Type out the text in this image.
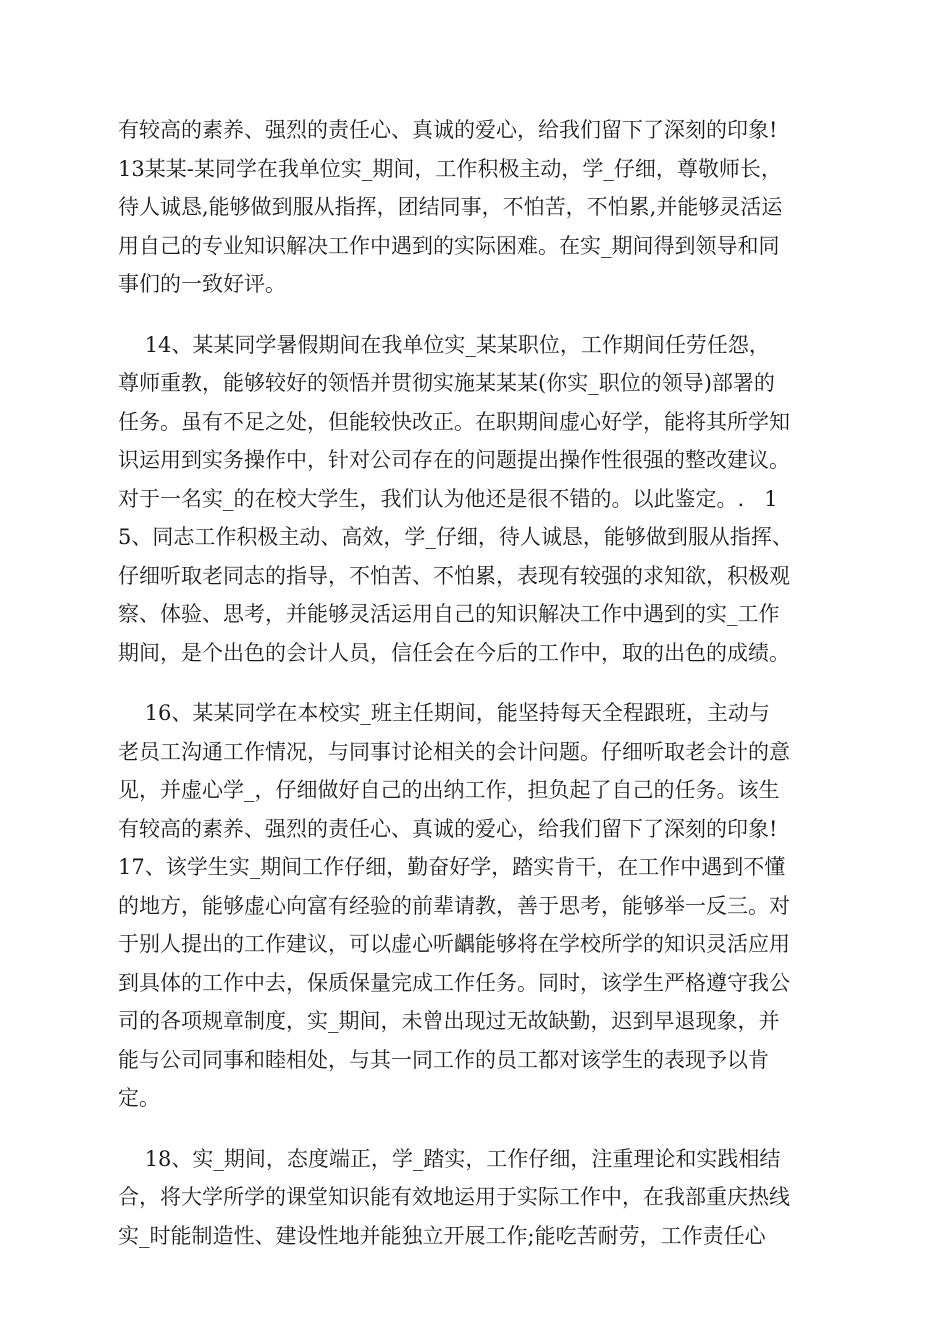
有较高的素养、强烈的责任心、真诚的爱心，给我们留下了深刻的印象!
13某某-某同学在我单位实_期间，工作积极主动，学_仔细，尊敬师长，
待人诚恳,能够做到服从指挥，团结同事，不怕苦，不怕累,并能够灵活运
用自己的专业知识解决工作中遇到的实际困难。在实_期间得到领导和同
事们的一致好评。
14、某某同学暑假期间在我单位实_某某职位，工作期间任劳任怨，
尊师重教，能够较好的领悟并贯彻实施某某某(你实_职位的领导)部署的
任务。虽有不足之处，但能较快改正。在职期间虚心好学，能将其所学知
识运用到实务操作中，针对公司存在的问题提出操作性很强的整改建议。
对于一名实_的在校大学生，我们认为他还是很不错的。以此鉴定。.   1
5、同志工作积极主动、高效，学_仔细，待人诚恳，能够做到服从指挥、
仔细听取老同志的指导，不怕苦、不怕累，表现有较强的求知欲，积极观
察、体验、思考，并能够灵活运用自己的知识解决工作中遇到的实_工作
期间，是个出色的会计人员，信任会在今后的工作中，取的出色的成绩。
16、某某同学在本校实_班主任期间，能坚持每天全程跟班，主动与
老员工沟通工作情况，与同事讨论相关的会计问题。仔细听取老会计的意
见，并虚心学_，仔细做好自己的出纳工作，担负起了自己的任务。该生
有较高的素养、强烈的责任心、真诚的爱心，给我们留下了深刻的印象!
17、该学生实_期间工作仔细，勤奋好学，踏实肯干，在工作中遇到不懂
的地方，能够虚心向富有经验的前辈请教，善于思考，能够举一反三。对
于别人提出的工作建议，可以虚心听齵能够将在学校所学的知识灵活应用
到具体的工作中去，保质保量完成工作任务。同时，该学生严格遵守我公
司的各项规章制度，实_期间，未曾出现过无故缺勤，迟到早退现象，并
能与公司同事和睦相处，与其一同工作的员工都对该学生的表现予以肯
定。
18、实_期间，态度端正，学_踏实，工作仔细，注重理论和实践相结
合，将大学所学的课堂知识能有效地运用于实际工作中，在我部重庆热线
实_时能制造性、建设性地并能独立开展工作;能吃苦耐劳，工作责任心
